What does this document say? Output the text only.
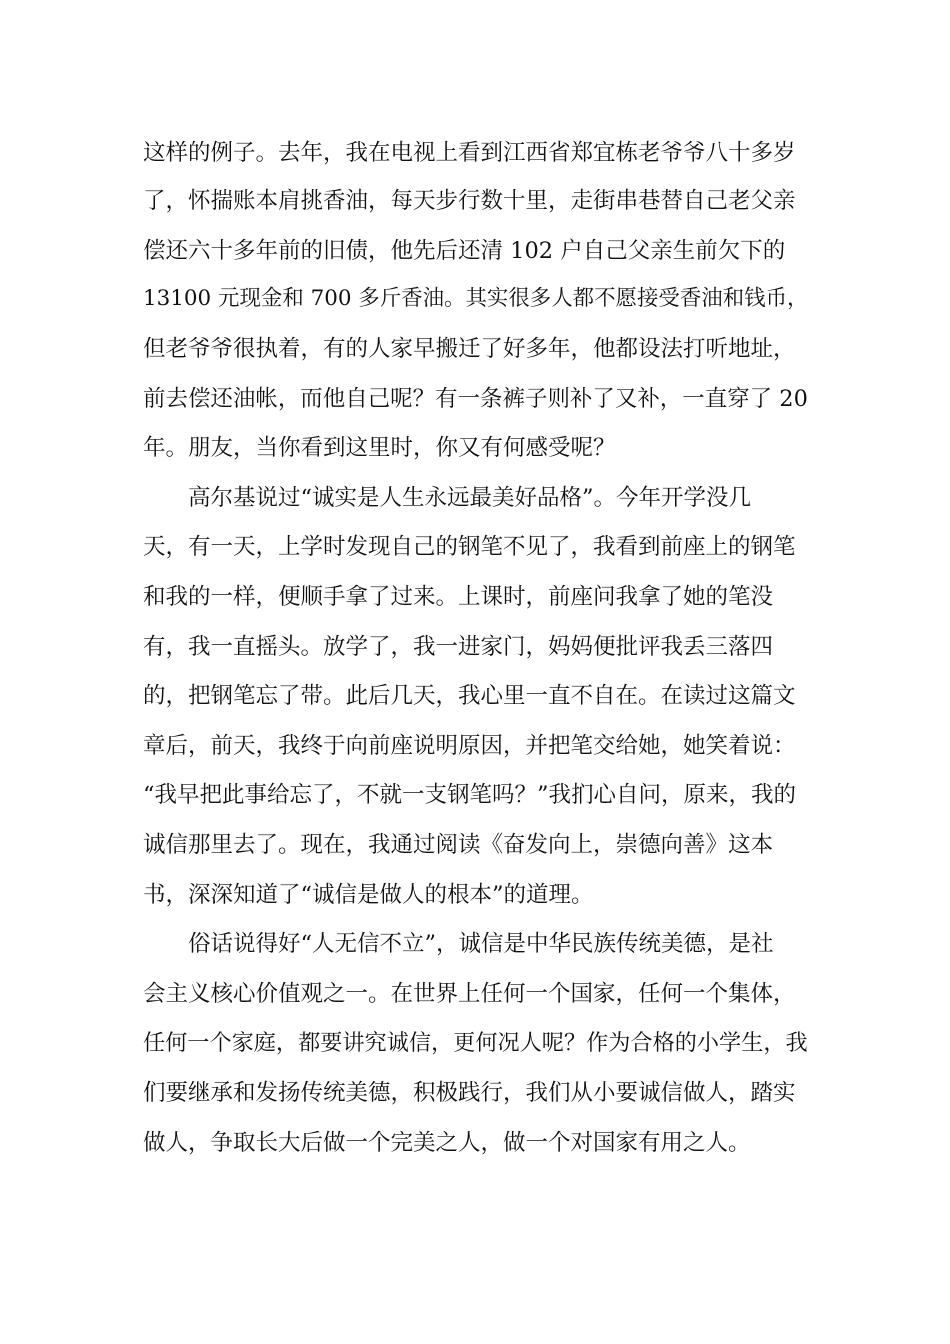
这样的例子。去年，我在电视上看到江西省郑宜栋老爷爷八十多岁
了，怀揣账本肩挑香油，每天步行数十里，走街串巷替自己老父亲
偿还六十多年前的旧债，他先后还清 102 户自己父亲生前欠下的
13100 元现金和 700 多斤香油。其实很多人都不愿接受香油和钱币，
但老爷爷很执着，有的人家早搬迁了好多年，他都设法打听地址，
前去偿还油帐，而他自己呢？有一条裤子则补了又补，一直穿了 20
年。朋友，当你看到这里时，你又有何感受呢？
高尔基说过“诚实是人生永远最美好品格”。今年开学没几
天，有一天，上学时发现自己的钢笔不见了，我看到前座上的钢笔
和我的一样，便顺手拿了过来。上课时，前座问我拿了她的笔没
有，我一直摇头。放学了，我一进家门，妈妈便批评我丢三落四
的，把钢笔忘了带。此后几天，我心里一直不自在。在读过这篇文
章后，前天，我终于向前座说明原因，并把笔交给她，她笑着说：
“我早把此事给忘了，不就一支钢笔吗？”我扪心自问，原来，我的
诚信那里去了。现在，我通过阅读《奋发向上，崇德向善》这本
书，深深知道了“诚信是做人的根本”的道理。
俗话说得好“人无信不立”，诚信是中华民族传统美德，是社
会主义核心价值观之一。在世界上任何一个国家，任何一个集体，
任何一个家庭，都要讲究诚信，更何况人呢？作为合格的小学生，我
们要继承和发扬传统美德，积极践行，我们从小要诚信做人，踏实
做人，争取长大后做一个完美之人，做一个对国家有用之人。
